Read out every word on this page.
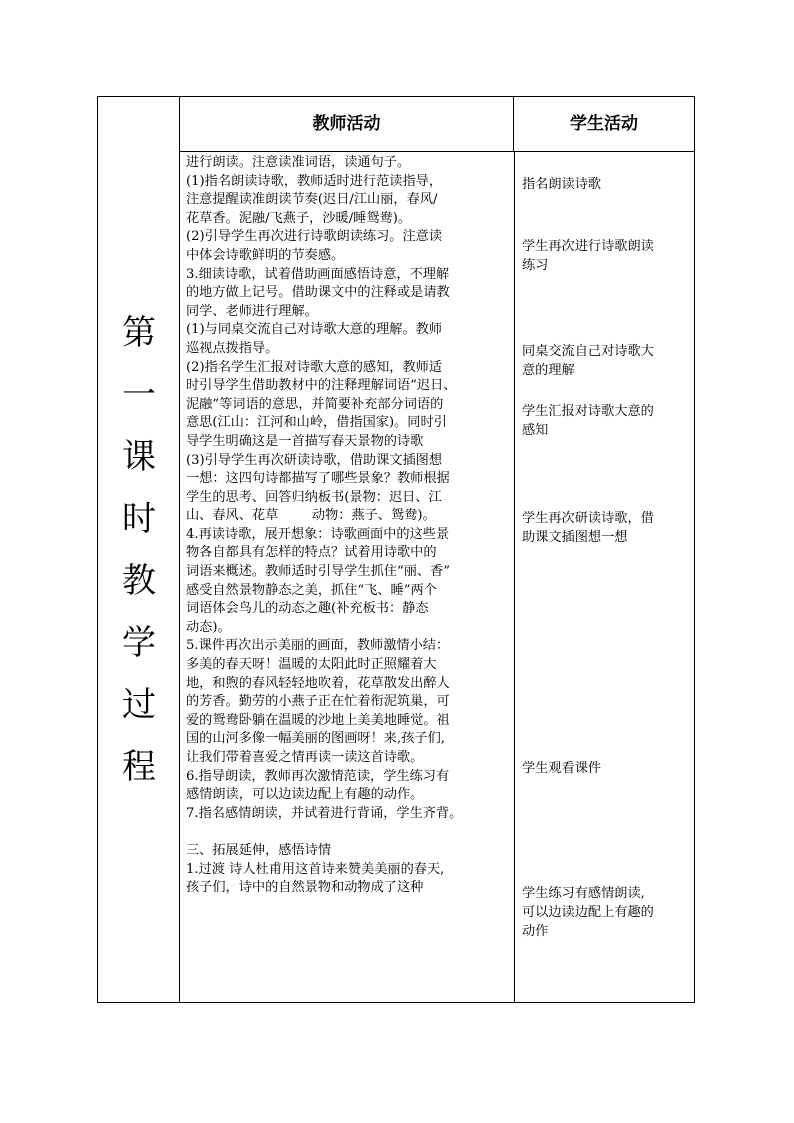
第
一
课
时
教
学
过
程
教师活动	学生活动
进行朗读。注意读准词语，读通句子。
(1)指名朗读诗歌，教师适时进行范读指导，
注意提醒读准朗读节奏(迟日/江山丽，春风/
花草香。泥融/飞燕子，沙暖/睡鸳鸯)。
(2)引导学生再次进行诗歌朗读练习。注意读
中体会诗歌鲜明的节奏感。
3.细读诗歌，试着借助画面感悟诗意，不理解
的地方做上记号。借助课文中的注释或是请教
同学、老师进行理解。
(1)与同桌交流自己对诗歌大意的理解。教师
巡视点拨指导。
(2)指名学生汇报对诗歌大意的感知，教师适
时引导学生借助教材中的注释理解词语“迟日、
泥融”等词语的意思，并简要补充部分词语的
意思(江山：江河和山岭，借指国家)。同时引
导学生明确这是一首描写春天景物的诗歌
(3)引导学生再次研读诗歌，借助课文插图想
一想：这四句诗都描写了哪些景象？教师根据
学生的思考、回答归纳板书(景物：迟日、江
山、春风、花草        动物：燕子、鸳鸯)。
4.再读诗歌，展开想象：诗歌画面中的这些景
物各自都具有怎样的特点？试着用诗歌中的
词语来概述。教师适时引导学生抓住“丽、香”
感受自然景物静态之美，抓住“飞、睡”两个
词语体会鸟儿的动态之趣(补充板书：静态
动态)。
5.课件再次出示美丽的画面，教师激情小结：
多美的春天呀！温暖的太阳此时正照耀着大
地，和煦的春风轻轻地吹着，花草散发出醉人
的芳香。勤劳的小燕子正在忙着衔泥筑巢，可
爱的鸳鸯卧躺在温暖的沙地上美美地睡觉。祖
国的山河多像一幅美丽的图画呀！来,孩子们,
让我们带着喜爱之情再读一读这首诗歌。
6.指导朗读，教师再次激情范读，学生练习有
感情朗读，可以边读边配上有趣的动作。
7.指名感情朗读，并试着进行背诵，学生齐背。

三、拓展延伸，感悟诗情
1.过渡 诗人杜甫用这首诗来赞美美丽的春天,
孩子们，诗中的自然景物和动物成了这种
指名朗读诗歌
学生再次进行诗歌朗读
练习
同桌交流自己对诗歌大
意的理解
学生汇报对诗歌大意的
感知
学生再次研读诗歌，借
助课文插图想一想
学生观看课件
学生练习有感情朗读,
可以边读边配上有趣的
动作
